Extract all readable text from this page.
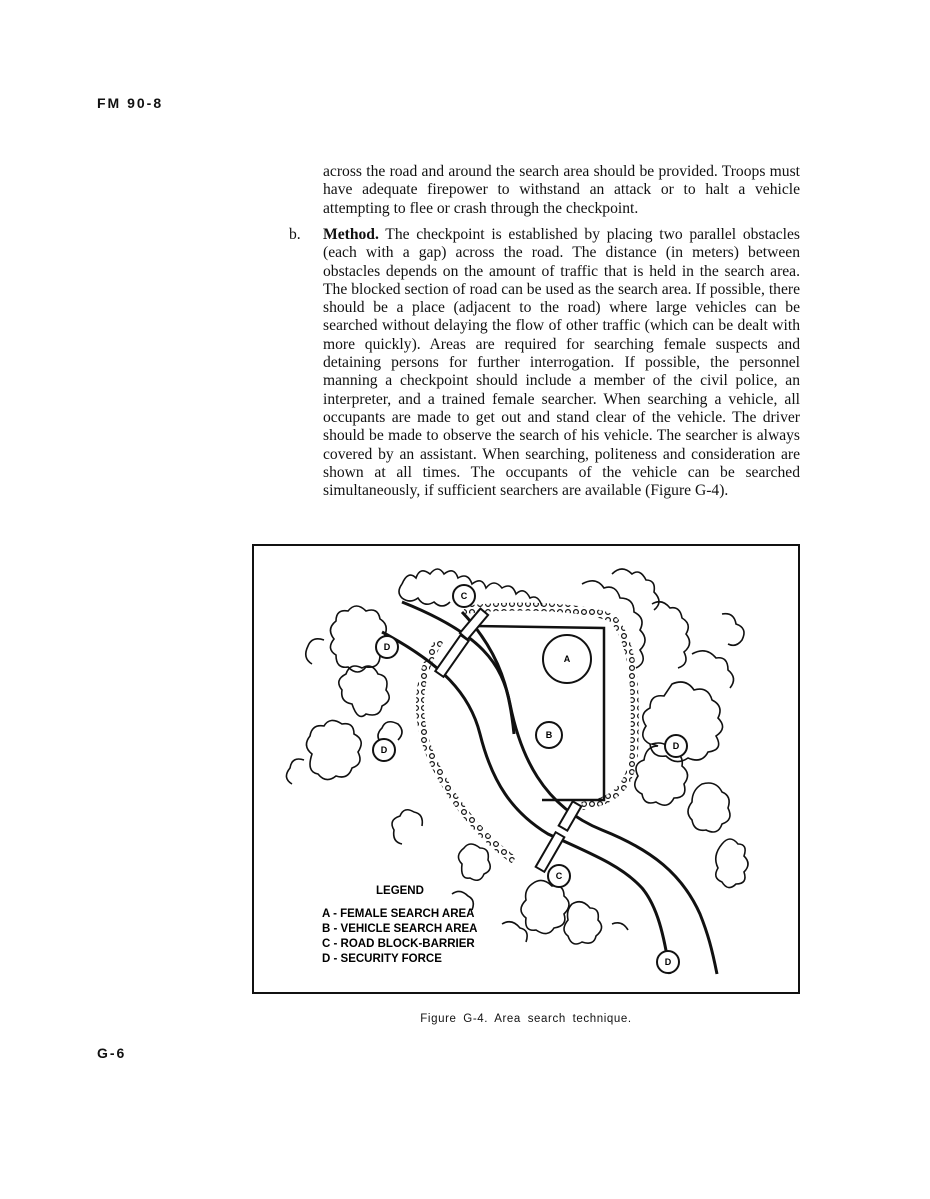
FM 90-8
across the road and around the search area should be provided. Troops must have adequate firepower to withstand an attack or to halt a vehicle attempting to flee or crash through the checkpoint.
b. Method. The checkpoint is established by placing two parallel obstacles (each with a gap) across the road. The distance (in meters) between obstacles depends on the amount of traffic that is held in the search area. The blocked section of road can be used as the search area. If possible, there should be a place (adjacent to the road) where large vehicles can be searched without delaying the flow of other traffic (which can be dealt with more quickly). Areas are required for searching female suspects and detaining persons for further interrogation. If possible, the personnel manning a checkpoint should include a member of the civil police, an interpreter, and a trained female searcher. When searching a vehicle, all occupants are made to get out and stand clear of the vehicle. The driver should be made to observe the search of his vehicle. The searcher is always covered by an assistant. When searching, politeness and consideration are shown at all times. The occupants of the vehicle can be searched simultaneously, if sufficient searchers are available (Figure G-4).
A
B
C
C
D
D	D
D
LEGEND
A - FEMALE SEARCH AREA
B - VEHICLE SEARCH AREA
C - ROAD BLOCK-BARRIER
D - SECURITY FORCE
Figure G-4. Area search technique.
G-6
